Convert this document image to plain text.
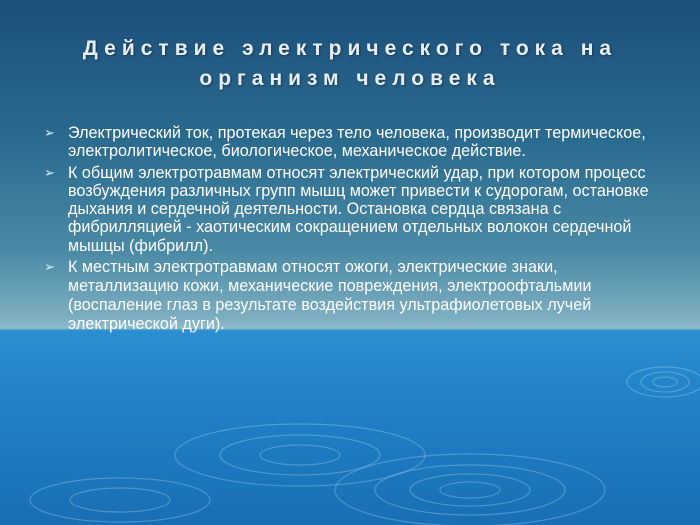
Действие электрического тока на организм человека
➢ Электрический ток, протекая через тело человека, производит термическое, электролитическое, биологическое, механическое действие.
➢ К общим электротравмам относят электрический удар, при котором процесс возбуждения различных групп мышц может привести к судорогам, остановке дыхания и сердечной деятельности. Остановка сердца связана с фибрилляцией - хаотическим сокращением отдельных волокон сердечной мышцы (фибрилл).
➢ К местным электротравмам относят ожоги, электрические знаки, металлизацию кожи, механические повреждения, электроофтальмии (воспаление глаз в результате воздействия ультрафиолетовых лучей электрической дуги).
